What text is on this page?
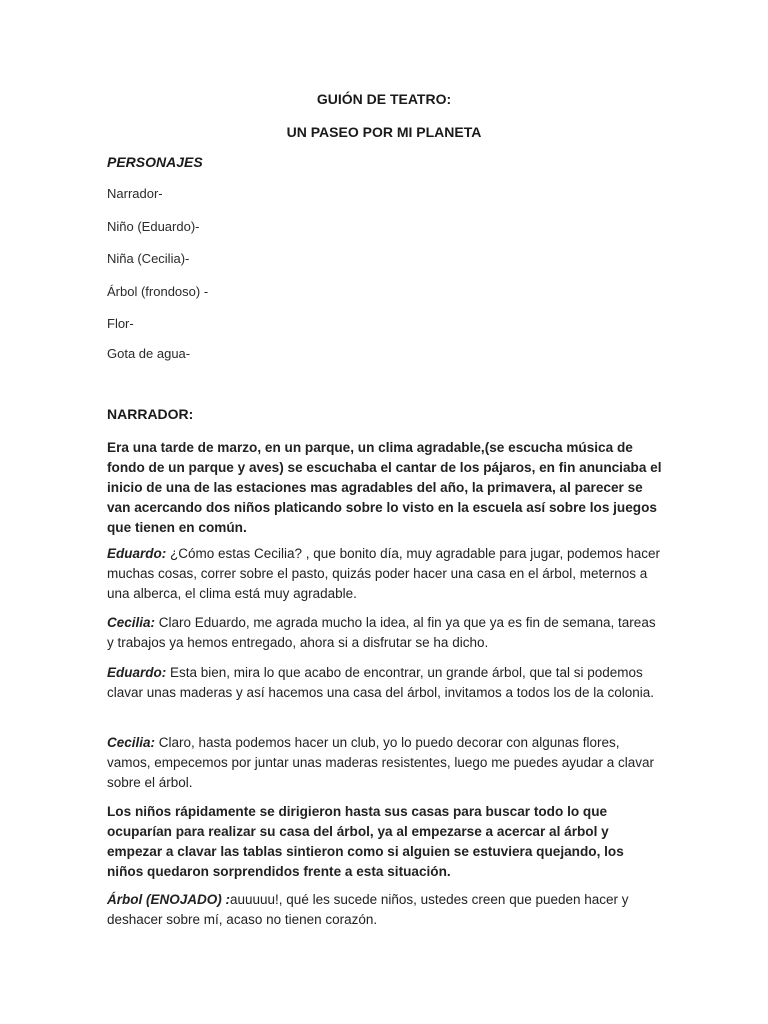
GUIÓN DE TEATRO:
UN PASEO POR MI PLANETA
PERSONAJES
Narrador-
Niño (Eduardo)-
Niña (Cecilia)-
Árbol (frondoso) -
Flor-
Gota de agua-
NARRADOR:
Era una tarde de marzo, en un parque, un clima agradable,(se escucha música de fondo de un parque y aves) se escuchaba el cantar de los pájaros, en fin anunciaba el inicio de una de las estaciones mas agradables del año, la primavera, al parecer se van acercando dos niños platicando sobre lo visto en la escuela así sobre los juegos que tienen en común.
Eduardo: ¿Cómo estas Cecilia? , que bonito día, muy agradable para jugar, podemos hacer muchas cosas, correr sobre el pasto, quizás poder hacer una casa en el árbol, meternos a una alberca, el clima está muy agradable.
Cecilia: Claro Eduardo, me agrada mucho la idea, al fin ya que ya es fin de semana, tareas y trabajos ya hemos entregado, ahora si a disfrutar se ha dicho.
Eduardo: Esta bien, mira lo que acabo de encontrar, un grande árbol, que tal si podemos clavar unas maderas y así hacemos una casa del árbol, invitamos a todos los de la colonia.
Cecilia: Claro, hasta podemos hacer un club, yo lo puedo decorar con algunas flores, vamos, empecemos por juntar unas maderas resistentes, luego me puedes ayudar a clavar sobre el árbol.
Los niños rápidamente se dirigieron hasta sus casas para buscar todo lo que ocuparían para realizar su casa del árbol, ya al empezarse a acercar al árbol y empezar a clavar las tablas sintieron como si alguien se estuviera quejando, los niños quedaron sorprendidos frente a esta situación.
Árbol (ENOJADO) :auuuuu!, qué les sucede niños, ustedes creen que pueden hacer y deshacer sobre mí, acaso no tienen corazón.
